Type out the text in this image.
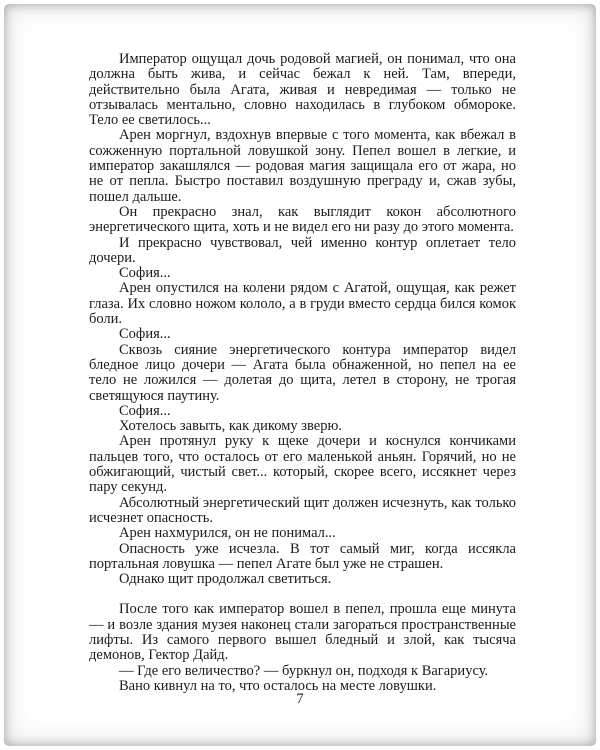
Император ощущал дочь родовой магией, он понимал, что она должна быть жива, и сейчас бежал к ней. Там, впереди, действительно была Агата, живая и невредимая — только не отзывалась ментально, словно находилась в глубоком обмороке. Тело ее светилось...

Арен моргнул, вздохнув впервые с того момента, как вбежал в сожженную портальной ловушкой зону. Пепел вошел в легкие, и император закашлялся — родовая магия защищала его от жара, но не от пепла. Быстро поставил воздушную преграду и, сжав зубы, пошел дальше.

Он прекрасно знал, как выглядит кокон абсолютного энергетического щита, хоть и не видел его ни разу до этого момента.

И прекрасно чувствовал, чей именно контур оплетает тело дочери.

София...

Арен опустился на колени рядом с Агатой, ощущая, как режет глаза. Их словно ножом кололо, а в груди вместо сердца бился комок боли.

София...

Сквозь сияние энергетического контура император видел бледное лицо дочери — Агата была обнаженной, но пепел на ее тело не ложился — долетая до щита, летел в сторону, не трогая светящуюся паутину.

София...

Хотелось завыть, как дикому зверю.

Арен протянул руку к щеке дочери и коснулся кончиками пальцев того, что осталось от его маленькой аньян. Горячий, но не обжигающий, чистый свет... который, скорее всего, иссякнет через пару секунд.

Абсолютный энергетический щит должен исчезнуть, как только исчезнет опасность.

Арен нахмурился, он не понимал...

Опасность уже исчезла. В тот самый миг, когда иссякла портальная ловушка — пепел Агате был уже не страшен.

Однако щит продолжал светиться.

После того как император вошел в пепел, прошла еще минута — и возле здания музея наконец стали загораться пространственные лифты. Из самого первого вышел бледный и злой, как тысяча демонов, Гектор Дайд.

— Где его величество? — буркнул он, подходя к Вагариусу.

Вано кивнул на то, что осталось на месте ловушки.

7
